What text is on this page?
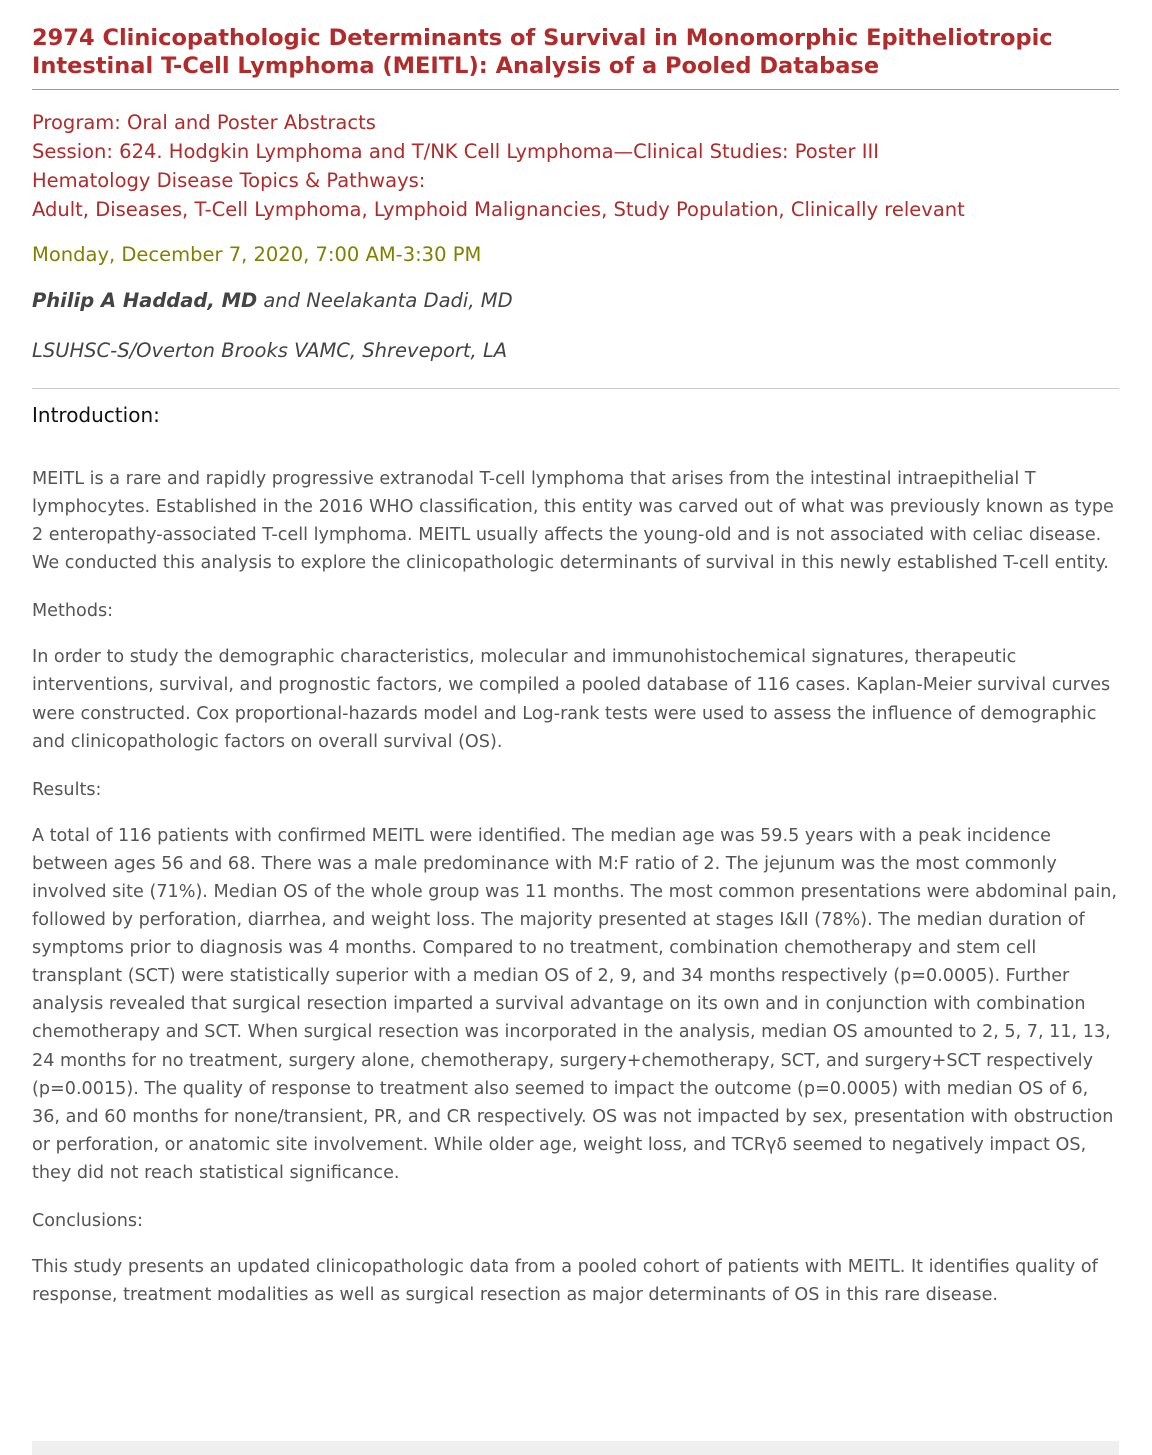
2974 Clinicopathologic Determinants of Survival in Monomorphic Epitheliotropic Intestinal T-Cell Lymphoma (MEITL): Analysis of a Pooled Database
Program: Oral and Poster Abstracts
Session: 624. Hodgkin Lymphoma and T/NK Cell Lymphoma—Clinical Studies: Poster III
Hematology Disease Topics & Pathways:
Adult, Diseases, T-Cell Lymphoma, Lymphoid Malignancies, Study Population, Clinically relevant
Monday, December 7, 2020, 7:00 AM-3:30 PM
Philip A Haddad, MD and Neelakanta Dadi, MD
LSUHSC-S/Overton Brooks VAMC, Shreveport, LA
Introduction:
MEITL is a rare and rapidly progressive extranodal T-cell lymphoma that arises from the intestinal intraepithelial T lymphocytes. Established in the 2016 WHO classification, this entity was carved out of what was previously known as type 2 enteropathy-associated T-cell lymphoma. MEITL usually affects the young-old and is not associated with celiac disease. We conducted this analysis to explore the clinicopathologic determinants of survival in this newly established T-cell entity.
Methods:
In order to study the demographic characteristics, molecular and immunohistochemical signatures, therapeutic interventions, survival, and prognostic factors, we compiled a pooled database of 116 cases. Kaplan-Meier survival curves were constructed. Cox proportional-hazards model and Log-rank tests were used to assess the influence of demographic and clinicopathologic factors on overall survival (OS).
Results:
A total of 116 patients with confirmed MEITL were identified. The median age was 59.5 years with a peak incidence between ages 56 and 68. There was a male predominance with M:F ratio of 2. The jejunum was the most commonly involved site (71%). Median OS of the whole group was 11 months. The most common presentations were abdominal pain, followed by perforation, diarrhea, and weight loss. The majority presented at stages I&II (78%). The median duration of symptoms prior to diagnosis was 4 months. Compared to no treatment, combination chemotherapy and stem cell transplant (SCT) were statistically superior with a median OS of 2, 9, and 34 months respectively (p=0.0005). Further analysis revealed that surgical resection imparted a survival advantage on its own and in conjunction with combination chemotherapy and SCT. When surgical resection was incorporated in the analysis, median OS amounted to 2, 5, 7, 11, 13, 24 months for no treatment, surgery alone, chemotherapy, surgery+chemotherapy, SCT, and surgery+SCT respectively (p=0.0015). The quality of response to treatment also seemed to impact the outcome (p=0.0005) with median OS of 6, 36, and 60 months for none/transient, PR, and CR respectively. OS was not impacted by sex, presentation with obstruction or perforation, or anatomic site involvement. While older age, weight loss, and TCRγδ seemed to negatively impact OS, they did not reach statistical significance.
Conclusions:
This study presents an updated clinicopathologic data from a pooled cohort of patients with MEITL. It identifies quality of response, treatment modalities as well as surgical resection as major determinants of OS in this rare disease.
